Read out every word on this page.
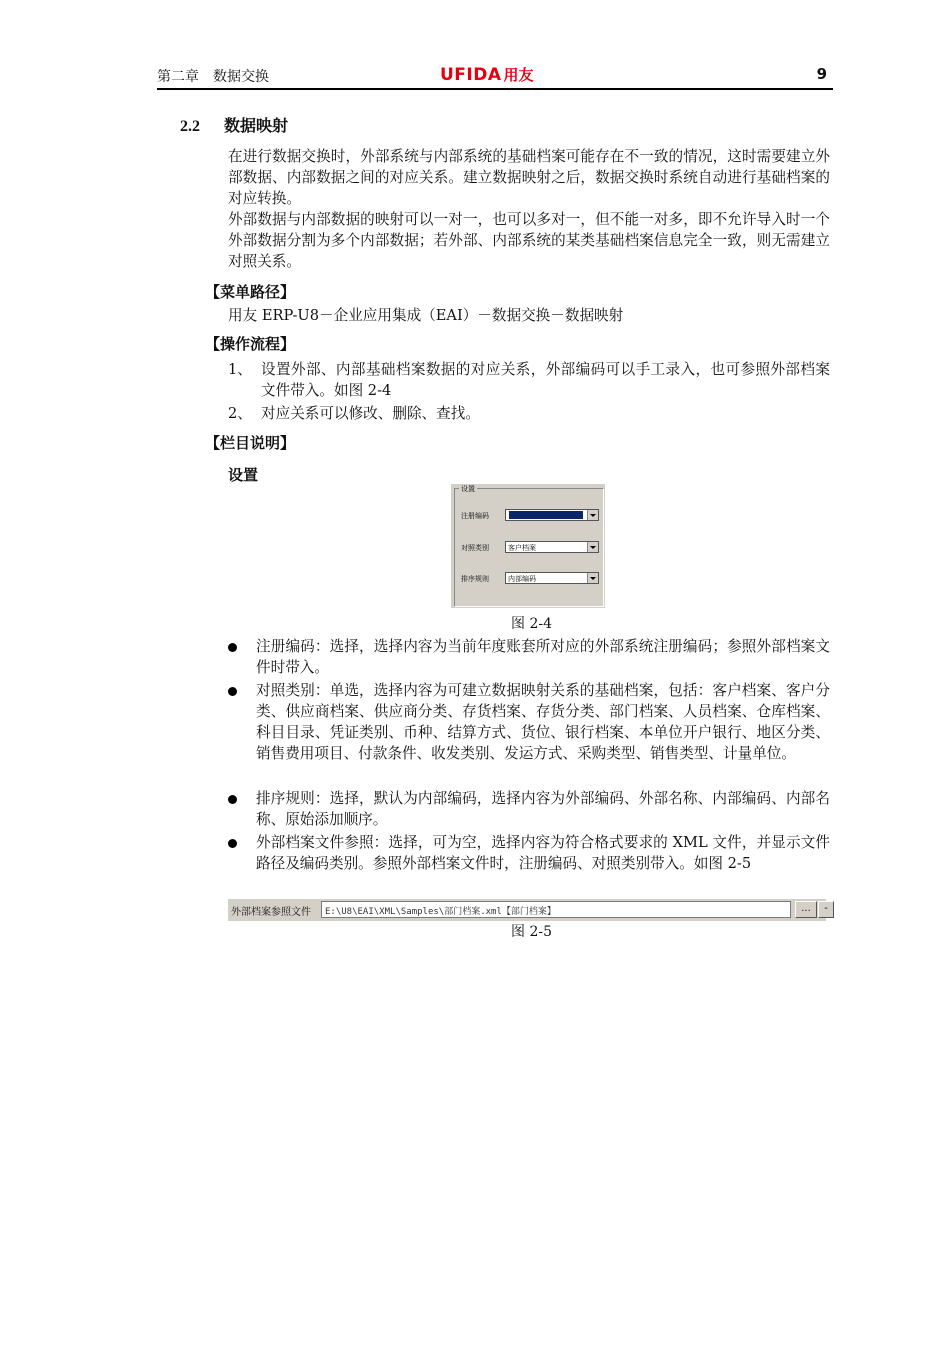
第二章　数据交换	UFIDA 用友	9
2.2 数据映射
在进行数据交换时，外部系统与内部系统的基础档案可能存在不一致的情况，这时需要建立外部数据、内部数据之间的对应关系。建立数据映射之后，数据交换时系统自动进行基础档案的对应转换。
外部数据与内部数据的映射可以一对一，也可以多对一，但不能一对多，即不允许导入时一个外部数据分割为多个内部数据；若外部、内部系统的某类基础档案信息完全一致，则无需建立对照关系。
【菜单路径】
用友 ERP-U8－企业应用集成（EAI）－数据交换－数据映射
【操作流程】
1、 设置外部、内部基础档案数据的对应关系，外部编码可以手工录入，也可参照外部档案文件带入。如图 2-4
2、 对应关系可以修改、删除、查找。
【栏目说明】
设置
设置
注册编码
对照类别	客户档案
排序规则	内部编码
图 2-4
注册编码：选择，选择内容为当前年度账套所对应的外部系统注册编码；参照外部档案文件时带入。
对照类别：单选，选择内容为可建立数据映射关系的基础档案，包括：客户档案、客户分类、供应商档案、供应商分类、存货档案、存货分类、部门档案、人员档案、仓库档案、科目目录、凭证类别、币种、结算方式、货位、银行档案、本单位开户银行、地区分类、销售费用项目、付款条件、收发类别、发运方式、采购类型、销售类型、计量单位。
排序规则：选择，默认为内部编码，选择内容为外部编码、外部名称、内部编码、内部名称、原始添加顺序。
外部档案文件参照：选择，可为空，选择内容为符合格式要求的 XML 文件，并显示文件路径及编码类别。参照外部档案文件时，注册编码、对照类别带入。如图 2-5
外部档案参照文件 E:\U8\EAI\XML\Samples\部门档案.xml【部门档案】	...	-
图 2-5
